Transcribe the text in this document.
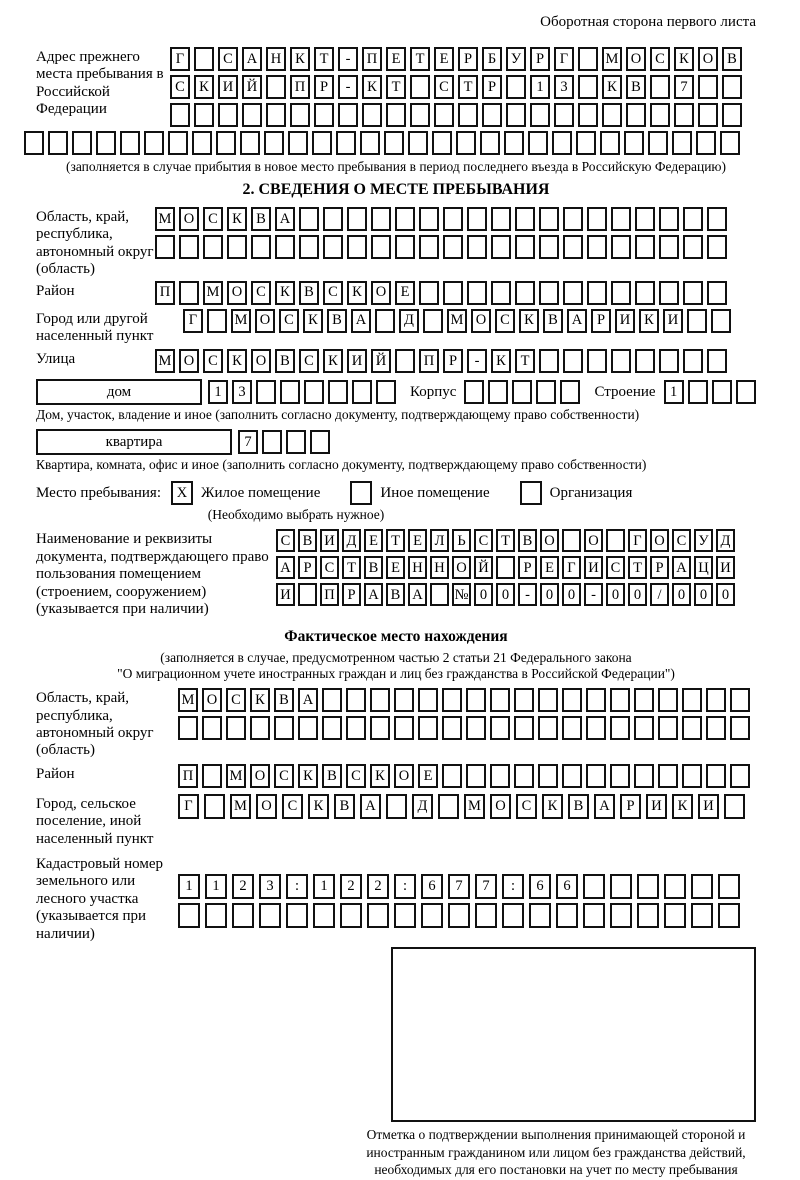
Оборотная сторона первого листа
Адрес прежнего места пребывания в Российской Федерации
Г	С А Н К	Т	-	П Е	Т	Е	Р	Б	У	Р	Г	М О С К О В
С К И Й	П	Р	-	К	Т	С	Т	Р	1	3	К В	7
(заполняется в случае прибытия в новое место пребывания в период последнего въезда в Российскую Федерацию)
2. СВЕДЕНИЯ О МЕСТЕ ПРЕБЫВАНИЯ
Область, край, республика, автономный округ (область)
М О С К В А
Район	П	М О С К В С К О Е
Город или другой населенный пункт
Г	М О С К В А	Д	М О С К В А	Р	И К И
Улица	М О С К О В С К И Й	П	Р	-	К	Т
дом	1	3	Корпус	Строение 1
Дом, участок, владение и иное (заполнить согласно документу, подтверждающему право собственности)
квартира	7
Квартира, комната, офис и иное (заполнить согласно документу, подтверждающему право собственности)
Место пребывания:	X Жилое помещение	Иное помещение	Организация
(Необходимо выбрать нужное)
Наименование и реквизиты документа, подтверждающего право пользования помещением (строением, сооружением) (указывается при наличии)
С В И Д Е Т Е Л Ь С Т В О О	Г О С У Д
А Р С Т В Е Н Н О Й	Р Е Г И С Т Р А Ц И
И П Р А В А № 0	0	-	0	0	-	0	0	/	0	0	0
Фактическое место нахождения
(заполняется в случае, предусмотренном частью 2 статьи 21 Федерального закона
"О миграционном учете иностранных граждан и лиц без гражданства в Российской Федерации")
Область, край, республика, автономный округ (область)
М О С К В А
Район	П	М О С К В С К О Е
Город, сельское поселение, иной населенный пункт
Г	М О	С	К	В	А	Д	М О	С	К	В	А	Р	И	К	И
Кадастровый номер земельного или лесного участка (указывается при наличии)
1	1	2	3	:	1	2	2	:	6	7	7	:	6	6
Отметка о подтверждении выполнения принимающей стороной и иностранным гражданином или лицом без гражданства действий, необходимых для его постановки на учет по месту пребывания
